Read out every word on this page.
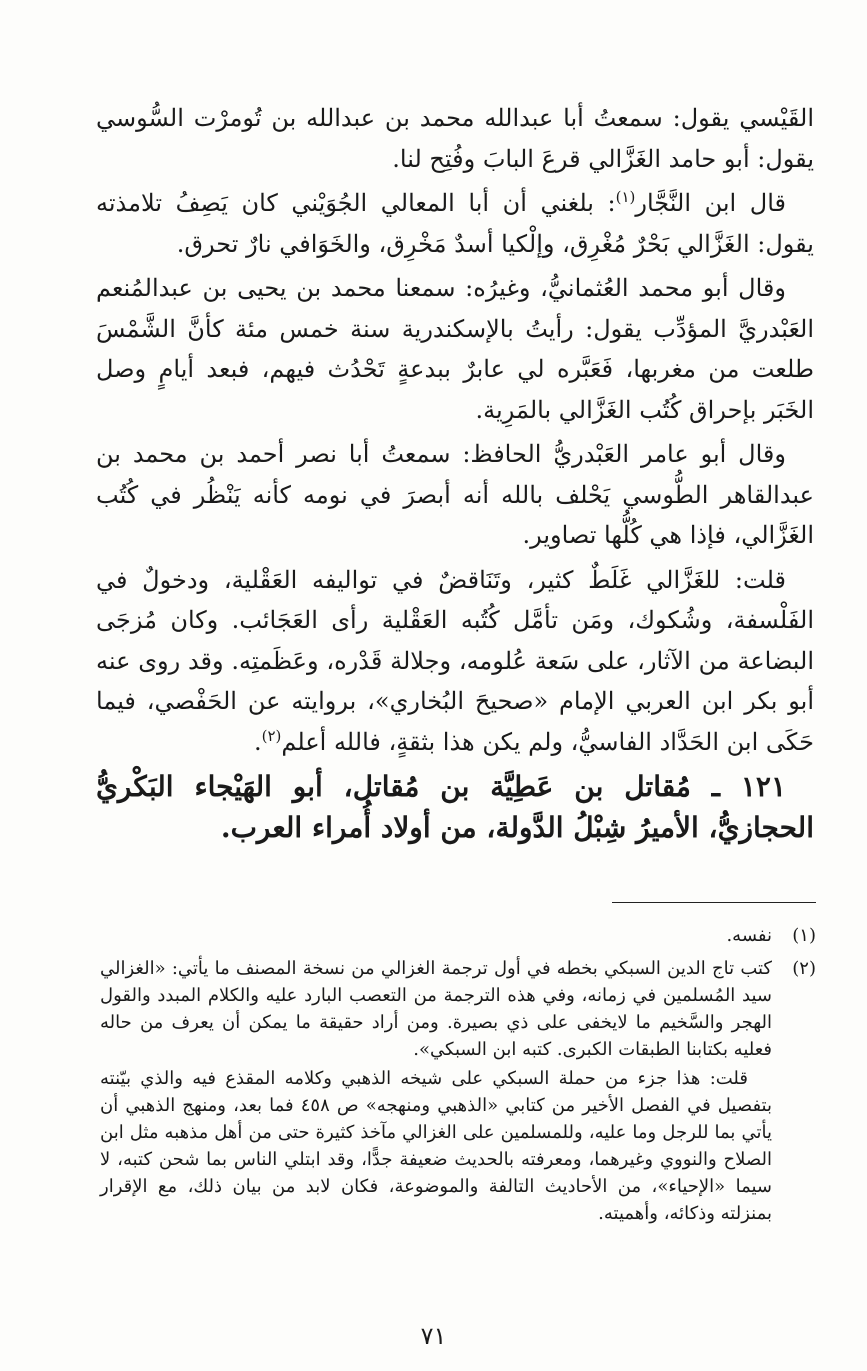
القَيْسي يقول: سمعتُ أبا عبدالله محمد بن عبدالله بن تُومرْت السُّوسي يقول: أبو حامد الغَزَّالي قرعَ البابَ وفُتِح لنا.

قال ابن النَّجَّار$^{(١)}$: بلغني أن أبا المعالي الجُوَيْني كان يَصِفُ تلامذته يقول: الغَزَّالي بَحْرٌ مُغْرِق، وإلْكيا أسدٌ مَخْرِق، والخَوَافي نارٌ تحرق.

وقال أبو محمد العُثمانيُّ، وغيرُه: سمعنا محمد بن يحيى بن عبدالمُنعم العَبْدريَّ المؤدِّب يقول: رأيتُ بالإسكندرية سنة خمس مئة كأنَّ الشَّمْسَ طلعت من مغربها، فَعَبَّره لي عابرٌ ببدعةٍ تَحْدُث فيهم، فبعد أيامٍ وصل الخَبَر بإحراق كُتُب الغَزَّالي بالمَرِية.

وقال أبو عامر العَبْدريُّ الحافظ: سمعتُ أبا نصر أحمد بن محمد بن عبدالقاهر الطُّوسي يَحْلف بالله أنه أبصرَ في نومه كأنه يَنْظُر في كُتُب الغَزَّالي، فإذا هي كُلُّها تصاوير.

قلت: للغَزَّالي غَلَطٌ كثير، وتَنَاقضٌ في تواليفه العَقْلية، ودخولٌ في الفَلْسفة، وشُكوك، ومَن تأمَّل كُتُبه العَقْلية رأى العَجَائب. وكان مُزجَى البضاعة من الآثار، على سَعة عُلومه، وجلالة قَدْره، وعَظَمتِه. وقد روى عنه أبو بكر ابن العربي الإمام «صحيحَ البُخاري»، بروايته عن الحَفْصي، فيما حَكَى ابن الحَدَّاد الفاسيُّ، ولم يكن هذا بثقةٍ، فالله أعلم$^{(٢)}$.

١٢١ ـ مُقاتل بن عَطِيَّة بن مُقاتل، أبو الهَيْجاء البَكْريُّ الحجازيُّ، الأميرُ شِبْلُ الدَّولة، من أولاد أُمراء العرب.

(١)

نفسه.

(٢)

كتب تاج الدين السبكي بخطه في أول ترجمة الغزالي من نسخة المصنف ما يأتي: «الغزالي سيد المُسلمين في زمانه، وفي هذه الترجمة من التعصب البارد عليه والكلام المبدد والقول الهجر والسَّخيم ما لايخفى على ذي بصيرة. ومن أراد حقيقة ما يمكن أن يعرف من حاله فعليه بكتابنا الطبقات الكبرى. كتبه ابن السبكي».

قلت: هذا جزء من حملة السبكي على شيخه الذهبي وكلامه المقذع فيه والذي بيّنته بتفصيل في الفصل الأخير من كتابي «الذهبي ومنهجه» ص ٤٥٨ فما بعد، ومنهج الذهبي أن يأتي بما للرجل وما عليه، وللمسلمين على الغزالي مآخذ كثيرة حتى من أهل مذهبه مثل ابن الصلاح والنووي وغيرهما، ومعرفته بالحديث ضعيفة جدًّا، وقد ابتلي الناس بما شحن كتبه، لا سيما «الإحياء»، من الأحاديث التالفة والموضوعة، فكان لابد من بيان ذلك، مع الإقرار بمنزلته وذكائه، وأهميته.

٧١
